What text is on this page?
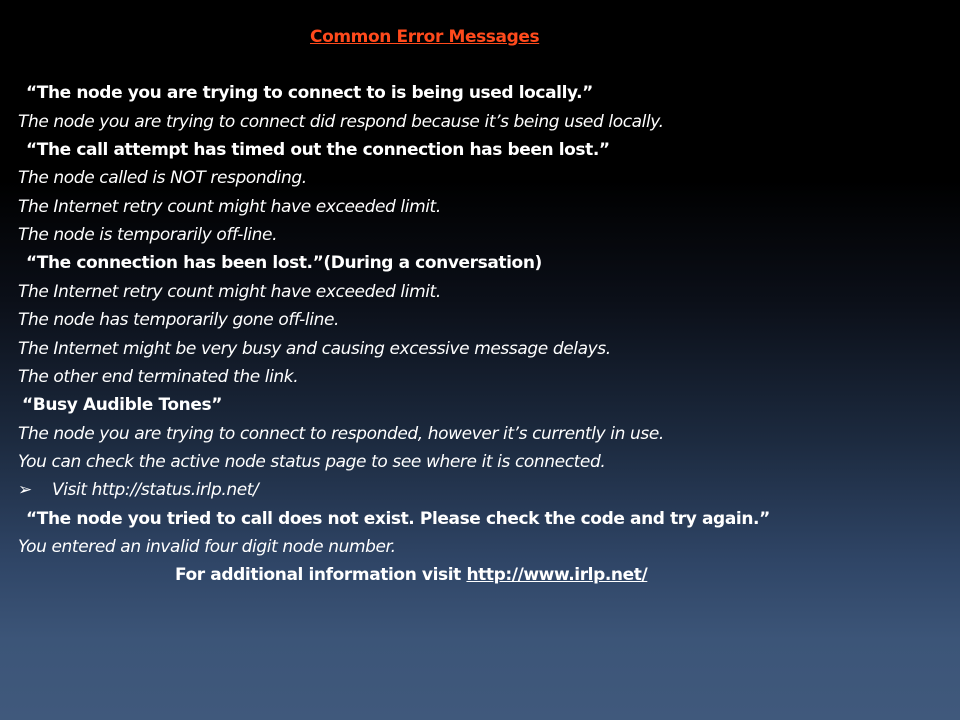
Common Error Messages
“The node you are trying to connect to is being used locally.”
The node you are trying to connect did respond because it’s being used locally.
“The call attempt has timed out the connection has been lost.”
The node called is NOT responding.
The Internet retry count might have exceeded limit.
The node is temporarily off-line.
“The connection has been lost.”(During a conversation)
The Internet retry count might have exceeded limit.
The node has temporarily gone off-line.
The Internet might be very busy and causing excessive message delays.
The other end terminated the link.
“Busy Audible Tones”
The node you are trying to connect to responded, however it’s currently in use.
You can check the active node status page to see where it is connected.
➢ Visit http://status.irlp.net/
“The node you tried to call does not exist. Please check the code and try again.”
You entered an invalid four digit node number.
For additional information visit http://www.irlp.net/
